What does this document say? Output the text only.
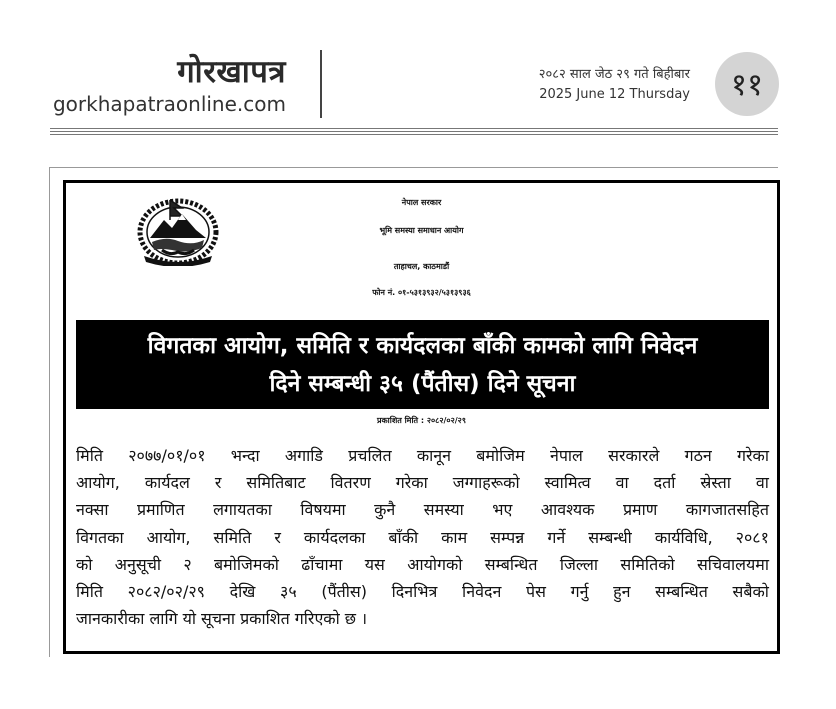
गोरखापत्र
gorkhapatraonline.com
२०८२ साल जेठ २९ गते बिहीबार
2025 June 12 Thursday ११
नेपाल सरकार
भूमि समस्या समाधान आयोग
ताहाचल, काठमाडौं
फोन नं. ०१-५३१३९३२/५३१३९३६
विगतका आयोग, समिति र कार्यदलका बाँकी कामको लागि निवेदन
दिने सम्बन्धी ३५ (पैंतीस) दिने सूचना
प्रकाशित मिति : २०८२/०२/२९
मिति २०७७/०१/०१ भन्दा अगाडि प्रचलित कानून बमोजिम नेपाल सरकारले गठन गरेका
आयोग, कार्यदल र समितिबाट वितरण गरेका जग्गाहरूको स्वामित्व वा दर्ता स्रेस्ता वा
नक्सा प्रमाणित लगायतका विषयमा कुनै समस्या भए आवश्यक प्रमाण कागजातसहित
विगतका आयोग, समिति र कार्यदलका बाँकी काम सम्पन्न गर्ने सम्बन्धी कार्यविधि, २०८१
को अनुसूची २ बमोजिमको ढाँचामा यस आयोगको सम्बन्धित जिल्ला समितिको सचिवालयमा
मिति २०८२/०२/२९ देखि ३५ (पैंतीस) दिनभित्र निवेदन पेस गर्नु हुन सम्बन्धित सबैको
जानकारीका लागि यो सूचना प्रकाशित गरिएको छ ।
